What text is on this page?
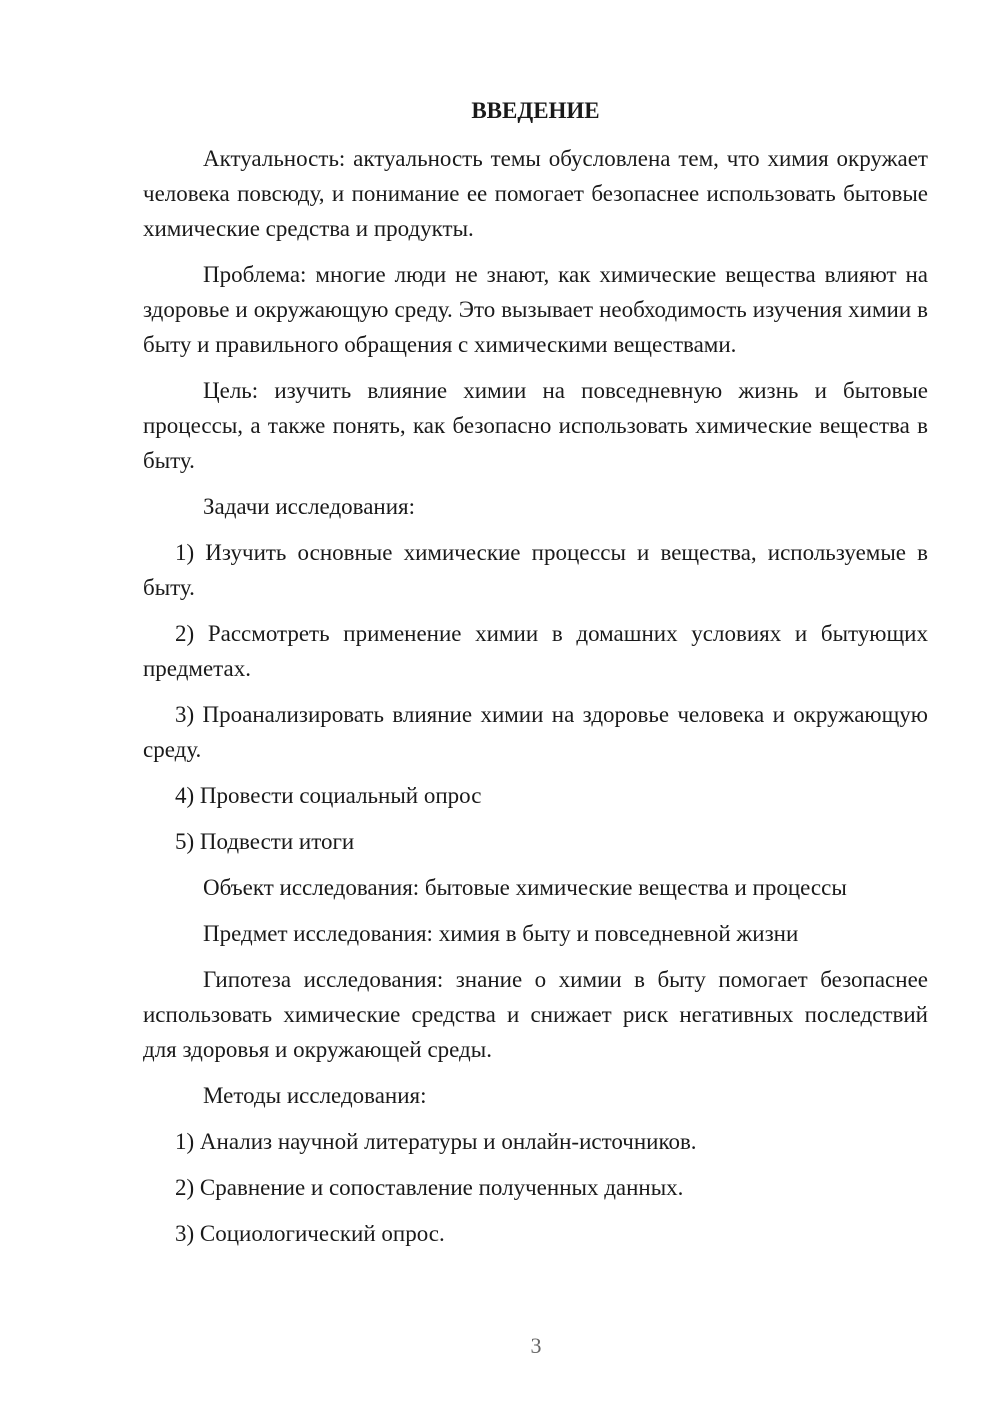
ВВЕДЕНИЕ

Актуальность: актуальность темы обусловлена тем, что химия окружает человека повсюду, и понимание ее помогает безопаснее использовать бытовые химические средства и продукты.

Проблема: многие люди не знают, как химические вещества влияют на здоровье и окружающую среду. Это вызывает необходимость изучения химии в быту и правильного обращения с химическими веществами.

Цель: изучить влияние химии на повседневную жизнь и бытовые процессы, а также понять, как безопасно использовать химические вещества в быту.

Задачи исследования:

1) Изучить основные химические процессы и вещества, используемые в быту.

2) Рассмотреть применение химии в домашних условиях и бытующих предметах.

3) Проанализировать влияние химии на здоровье человека и окружающую среду.

4) Провести социальный опрос

5) Подвести итоги

Объект исследования: бытовые химические вещества и процессы

Предмет исследования: химия в быту и повседневной жизни

Гипотеза исследования: знание о химии в быту помогает безопаснее использовать химические средства и снижает риск негативных последствий для здоровья и окружающей среды.

Методы исследования:

1) Анализ научной литературы и онлайн-источников.

2) Сравнение и сопоставление полученных данных.

3) Социологический опрос.

3
